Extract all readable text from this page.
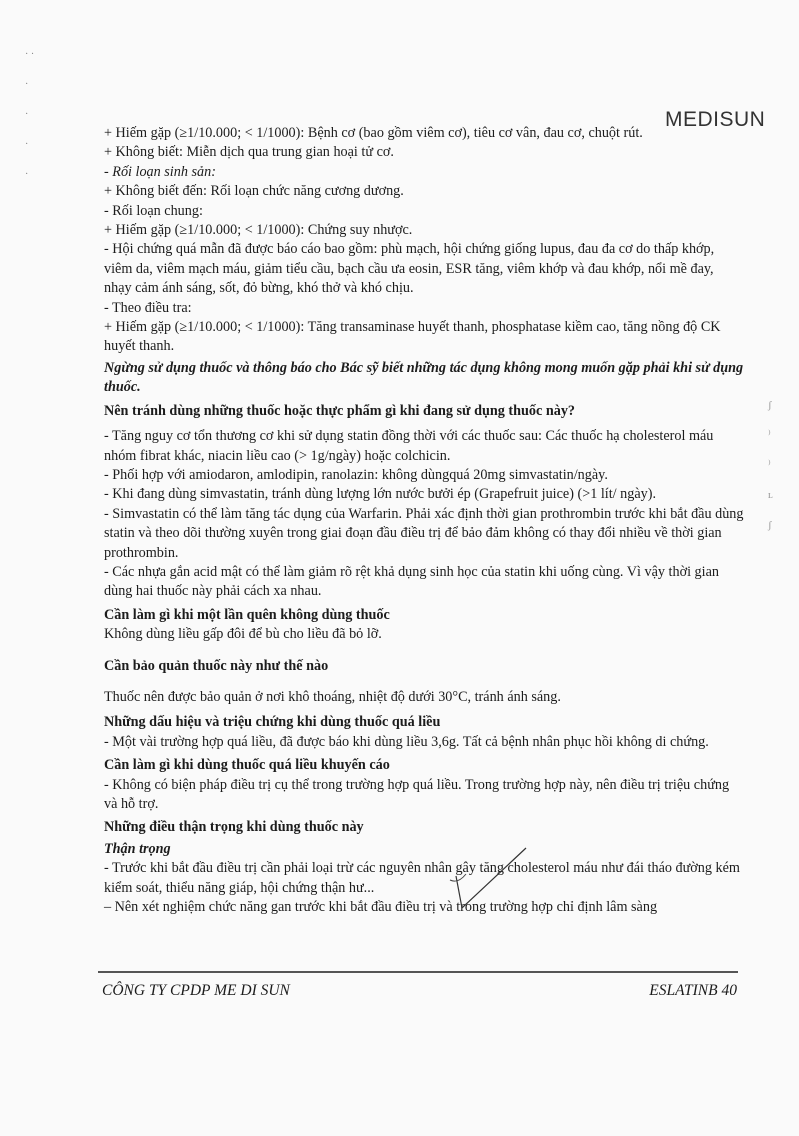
· ·
·
·
·
·
MEDISUN

+ Hiếm gặp (≥1/10.000; < 1/1000): Bệnh cơ (bao gồm viêm cơ), tiêu cơ vân, đau cơ, chuột rút.

+ Không biết: Miễn dịch qua trung gian hoại tử cơ.

- Rối loạn sinh sản:

+ Không biết đến: Rối loạn chức năng cương dương.

- Rối loạn chung:

+ Hiếm gặp (≥1/10.000; < 1/1000): Chứng suy nhược.

- Hội chứng quá mẫn đã được báo cáo bao gồm: phù mạch, hội chứng giống lupus, đau đa cơ do thấp khớp, viêm da, viêm mạch máu, giảm tiểu cầu, bạch cầu ưa eosin, ESR tăng, viêm khớp và đau khớp, nổi mề đay, nhạy cảm ánh sáng, sốt, đỏ bừng, khó thở và khó chịu.

- Theo điều tra:

+ Hiếm gặp (≥1/10.000; < 1/1000): Tăng transaminase huyết thanh, phosphatase kiềm cao, tăng nồng độ CK huyết thanh.

Ngừng sử dụng thuốc và thông báo cho Bác sỹ biết những tác dụng không mong muốn gặp phải khi sử dụng thuốc.

Nên tránh dùng những thuốc hoặc thực phẩm gì khi đang sử dụng thuốc này?

- Tăng nguy cơ tổn thương cơ khi sử dụng statin đồng thời với các thuốc sau: Các thuốc hạ cholesterol máu nhóm fibrat khác, niacin liều cao (> 1g/ngày) hoặc colchicin.

- Phối hợp với amiodaron, amlodipin, ranolazin: không dùngquá 20mg simvastatin/ngày.

- Khi đang dùng simvastatin, tránh dùng lượng lớn nước bưởi ép (Grapefruit juice) (>1 lít/ ngày).

- Simvastatin có thể làm tăng tác dụng của Warfarin. Phải xác định thời gian prothrombin trước khi bắt đầu dùng statin và theo dõi thường xuyên trong giai đoạn đầu điều trị để bảo đảm không có thay đổi nhiều về thời gian prothrombin.

- Các nhựa gắn acid mật có thể làm giảm rõ rệt khả dụng sinh học của statin khi uống cùng. Vì vậy thời gian dùng hai thuốc này phải cách xa nhau.

Cần làm gì khi một lần quên không dùng thuốc

Không dùng liều gấp đôi để bù cho liều đã bỏ lỡ.

Cần bảo quản thuốc này như thế nào

Thuốc nên được bảo quản ở nơi khô thoáng, nhiệt độ dưới 30°C, tránh ánh sáng.

Những dấu hiệu và triệu chứng khi dùng thuốc quá liều

- Một vài trường hợp quá liều, đã được báo khi dùng liều 3,6g. Tất cả bệnh nhân phục hồi không di chứng.

Cần làm gì khi dùng thuốc quá liều khuyến cáo

- Không có biện pháp điều trị cụ thể trong trường hợp quá liều. Trong trường hợp này, nên điều trị triệu chứng và hỗ trợ.

Những điều thận trọng khi dùng thuốc này

Thận trọng

- Trước khi bắt đầu điều trị cần phải loại trừ các nguyên nhân gây tăng cholesterol máu như đái tháo đường kém kiểm soát, thiểu năng giáp, hội chứng thận hư...

– Nên xét nghiệm chức năng gan trước khi bắt đầu điều trị và trong trường hợp chỉ định lâm sàng

ʃ
⁾
⁾
ʟ
ʃ
CÔNG TY CPDP ME DI SUN	ESLATINB 40
